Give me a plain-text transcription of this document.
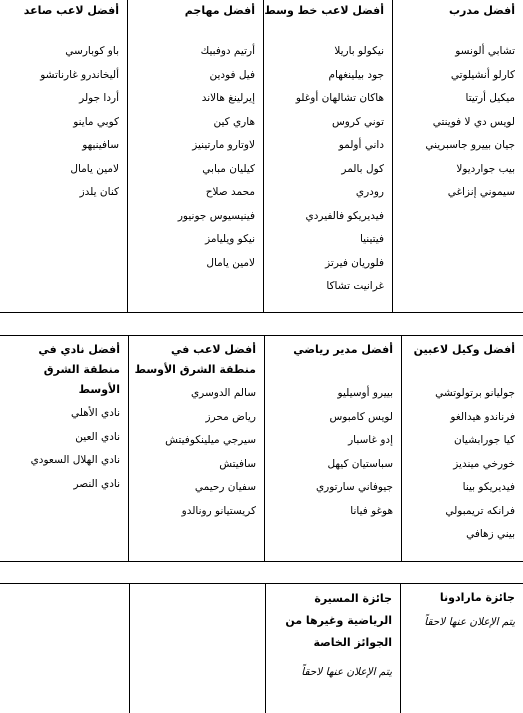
أفضل مدرب
تشابي ألونسو
كارلو أنشيلوتي
ميكيل أرتيتا
لويس دي لا فوينتي
جيان بييرو جاسبريني
بيب جوارديولا
سيموني إنزاغي
أفضل لاعب خط وسط
نيكولو باريلا
جود بيلينغهام
هاكان تشالهان أوغلو
توني كروس
داني أولمو
كول بالمر
رودري
فيديريكو فالفيردي
فيتينيا
فلوريان فيرتز
غرانيت تشاكا
أفضل مهاجم
أرتيم دوفبيك
فيل فودين
إيرلينغ هالاند
هاري كين
لاوتارو مارتينيز
كيليان مبابي
محمد صلاح
فينيسيوس جونيور
نيكو ويليامز
لامين يامال
أفضل لاعب صاعد
باو كوبارسي
أليخاندرو غارناتشو
أردا جولر
كوبي ماينو
سافينيهو
لامين يامال
كنان يلدز
أفضل وكيل لاعبين
جوليانو برتولوتشي
فرناندو هيدالغو
كيا جورابشيان
خورخي مينديز
فيديريكو بينا
فرانكه تريمبولي
بيني زهافي
أفضل مدير رياضي
بييرو أوسيليو
لويس كامبوس
إدو غاسبار
سباستيان كيهل
جيوفاني سارتوري
هوغو فيانا
أفضل لاعب في منطقة الشرق الأوسط
سالم الدوسري
رياض محرز
سيرجي ميلينكوفيتش
سافيتش
سفيان رحيمي
كريستيانو رونالدو
أفضل نادي في منطقة الشرق الأوسط
نادي الأهلي
نادي العين
نادي الهلال السعودي
نادي النصر
جائزة مارادونا
يتم الإعلان عنها لاحقاً
جائزة المسيرة الرياضية وغيرها من الجوائز الخاصة
يتم الإعلان عنها لاحقاً
